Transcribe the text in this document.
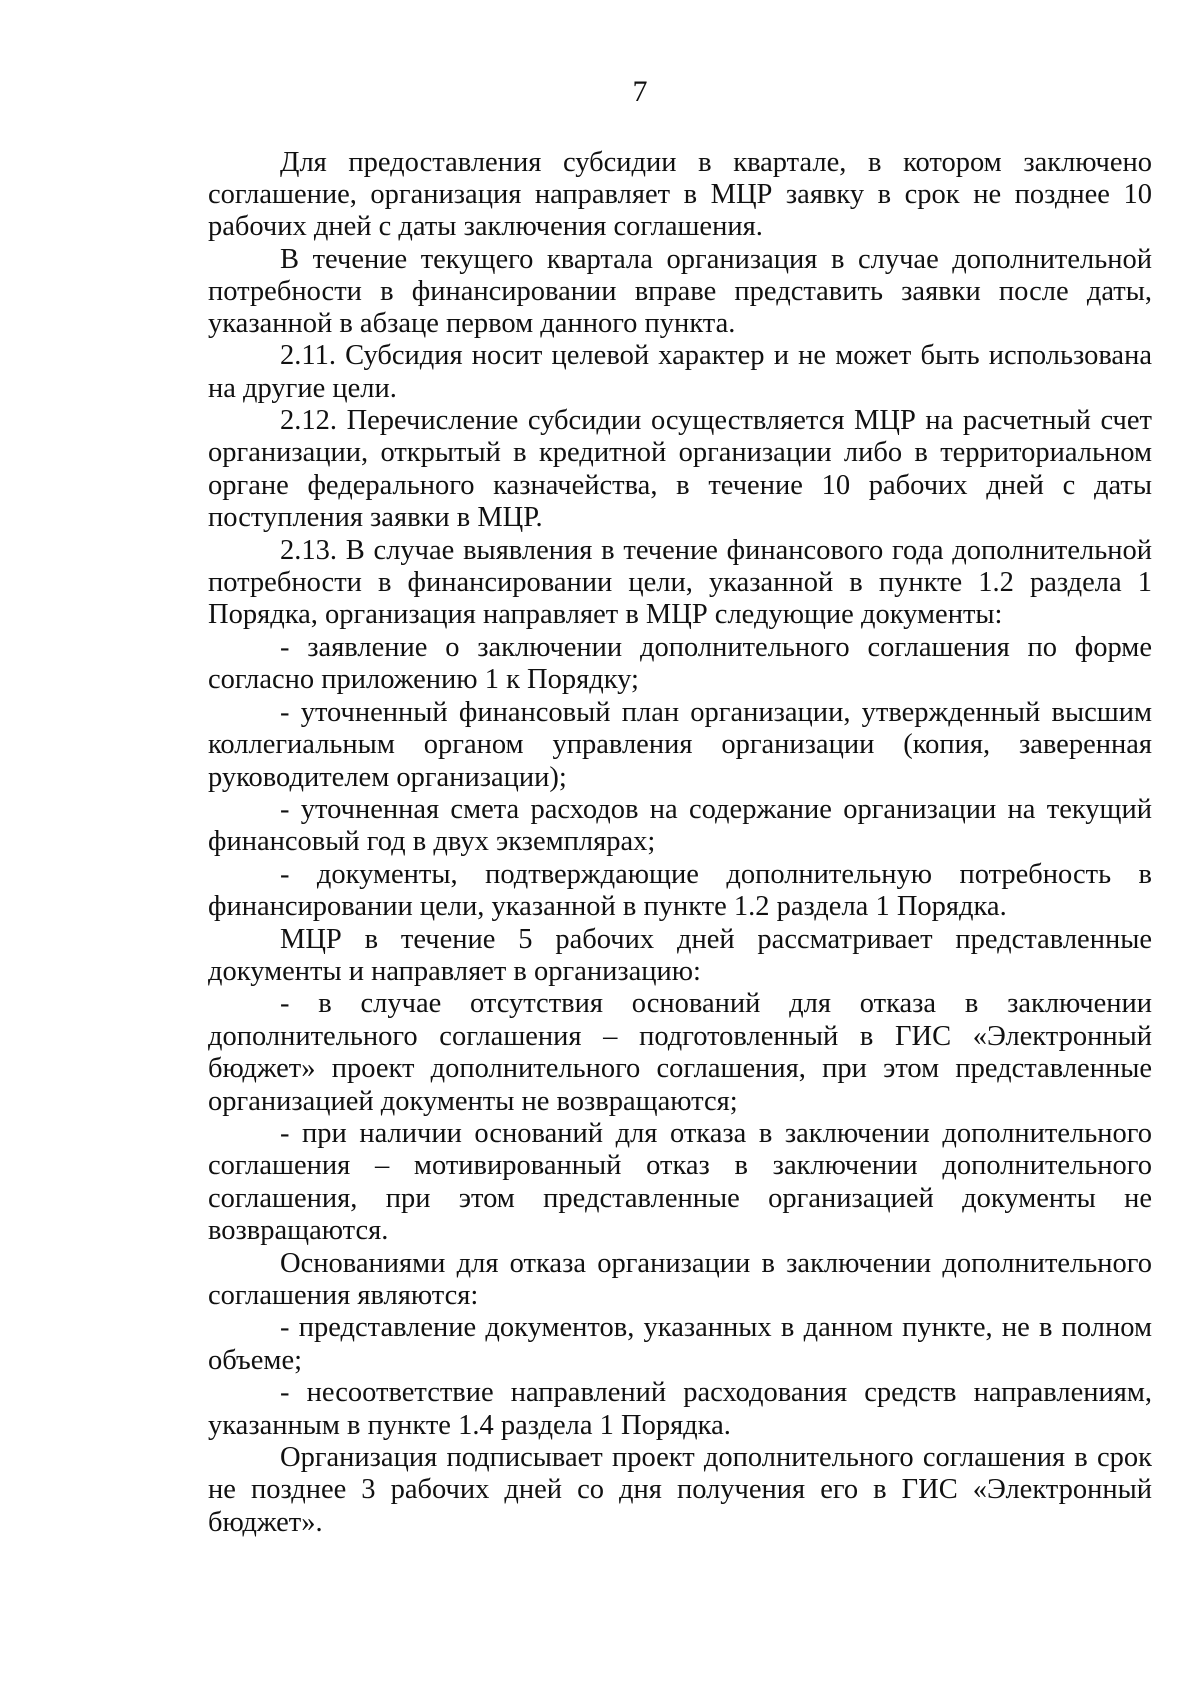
7

Для предоставления субсидии в квартале, в котором заключено соглашение, организация направляет в МЦР заявку в срок не позднее 10 рабочих дней с даты заключения соглашения.

В течение текущего квартала организация в случае дополнительной потребности в финансировании вправе представить заявки после даты, указанной в абзаце первом данного пункта.

2.11. Субсидия носит целевой характер и не может быть использована на другие цели.

2.12. Перечисление субсидии осуществляется МЦР на расчетный счет организации, открытый в кредитной организации либо в территориальном органе федерального казначейства, в течение 10 рабочих дней с даты поступления заявки в МЦР.

2.13. В случае выявления в течение финансового года дополнительной потребности в финансировании цели, указанной в пункте 1.2 раздела 1 Порядка, организация направляет в МЦР следующие документы:

- заявление о заключении дополнительного соглашения по форме согласно приложению 1 к Порядку;

- уточненный финансовый план организации, утвержденный высшим коллегиальным органом управления организации (копия, заверенная руководителем организации);

- уточненная смета расходов на содержание организации на текущий финансовый год в двух экземплярах;

- документы, подтверждающие дополнительную потребность в финансировании цели, указанной в пункте 1.2 раздела 1 Порядка.

МЦР в течение 5 рабочих дней рассматривает представленные документы и направляет в организацию:

- в случае отсутствия оснований для отказа в заключении дополнительного соглашения – подготовленный в ГИС «Электронный бюджет» проект дополнительного соглашения, при этом представленные организацией документы не возвращаются;

- при наличии оснований для отказа в заключении дополнительного соглашения – мотивированный отказ в заключении дополнительного соглашения, при этом представленные организацией документы не возвращаются.

Основаниями для отказа организации в заключении дополнительного соглашения являются:

- представление документов, указанных в данном пункте, не в полном объеме;

- несоответствие направлений расходования средств направлениям, указанным в пункте 1.4 раздела 1 Порядка.

Организация подписывает проект дополнительного соглашения в срок не позднее 3 рабочих дней со дня получения его в ГИС «Электронный бюджет».
